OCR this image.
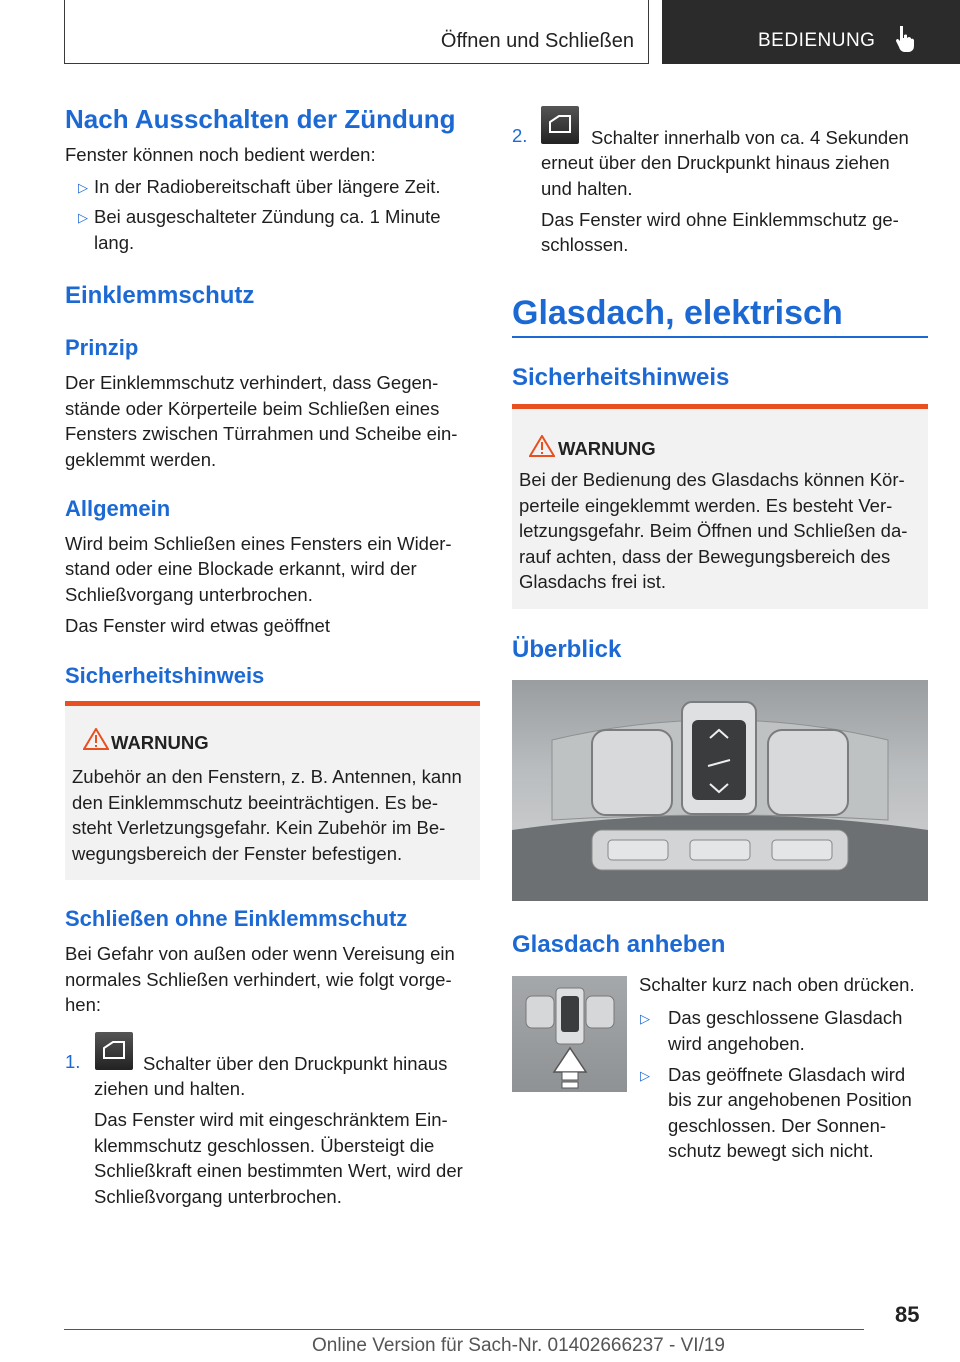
Öffnen und Schließen	BEDIENUNG
Nach Ausschalten der Zündung
Fenster können noch bedient werden:
▷ In der Radiobereitschaft über längere Zeit.
▷ Bei ausgeschalteter Zündung ca. 1 Minute
lang.
Einklemmschutz
Prinzip
Der Einklemmschutz verhindert, dass Gegen-
stände oder Körperteile beim Schließen eines
Fensters zwischen Türrahmen und Scheibe ein-
geklemmt werden.
Allgemein
Wird beim Schließen eines Fensters ein Wider-
stand oder eine Blockade erkannt, wird der
Schließvorgang unterbrochen.
Das Fenster wird etwas geöffnet
Sicherheitshinweis
WARNUNG
Zubehör an den Fenstern, z. B. Antennen, kann
den Einklemmschutz beeinträchtigen. Es be-
steht Verletzungsgefahr. Kein Zubehör im Be-
wegungsbereich der Fenster befestigen.
Schließen ohne Einklemmschutz
Bei Gefahr von außen oder wenn Vereisung ein
normales Schließen verhindert, wie folgt vorge-
hen:
1.	Schalter über den Druckpunkt hinaus
ziehen und halten.
Das Fenster wird mit eingeschränktem Ein-
klemmschutz geschlossen. Übersteigt die
Schließkraft einen bestimmten Wert, wird der
Schließvorgang unterbrochen.
2.	Schalter innerhalb von ca. 4 Sekunden
erneut über den Druckpunkt hinaus ziehen
und halten.
Das Fenster wird ohne Einklemmschutz ge-
schlossen.
Glasdach, elektrisch
Sicherheitshinweis
WARNUNG
Bei der Bedienung des Glasdachs können Kör-
perteile eingeklemmt werden. Es besteht Ver-
letzungsgefahr. Beim Öffnen und Schließen da-
rauf achten, dass der Bewegungsbereich des
Glasdachs frei ist.
Überblick
Glasdach anheben
Schalter kurz nach oben drücken.
▷ Das geschlossene Glasdach
wird angehoben.
▷ Das geöffnete Glasdach wird
bis zur angehobenen Position
geschlossen. Der Sonnen-
schutz bewegt sich nicht.
85
Online Version für Sach-Nr. 01402666237 - VI/19
